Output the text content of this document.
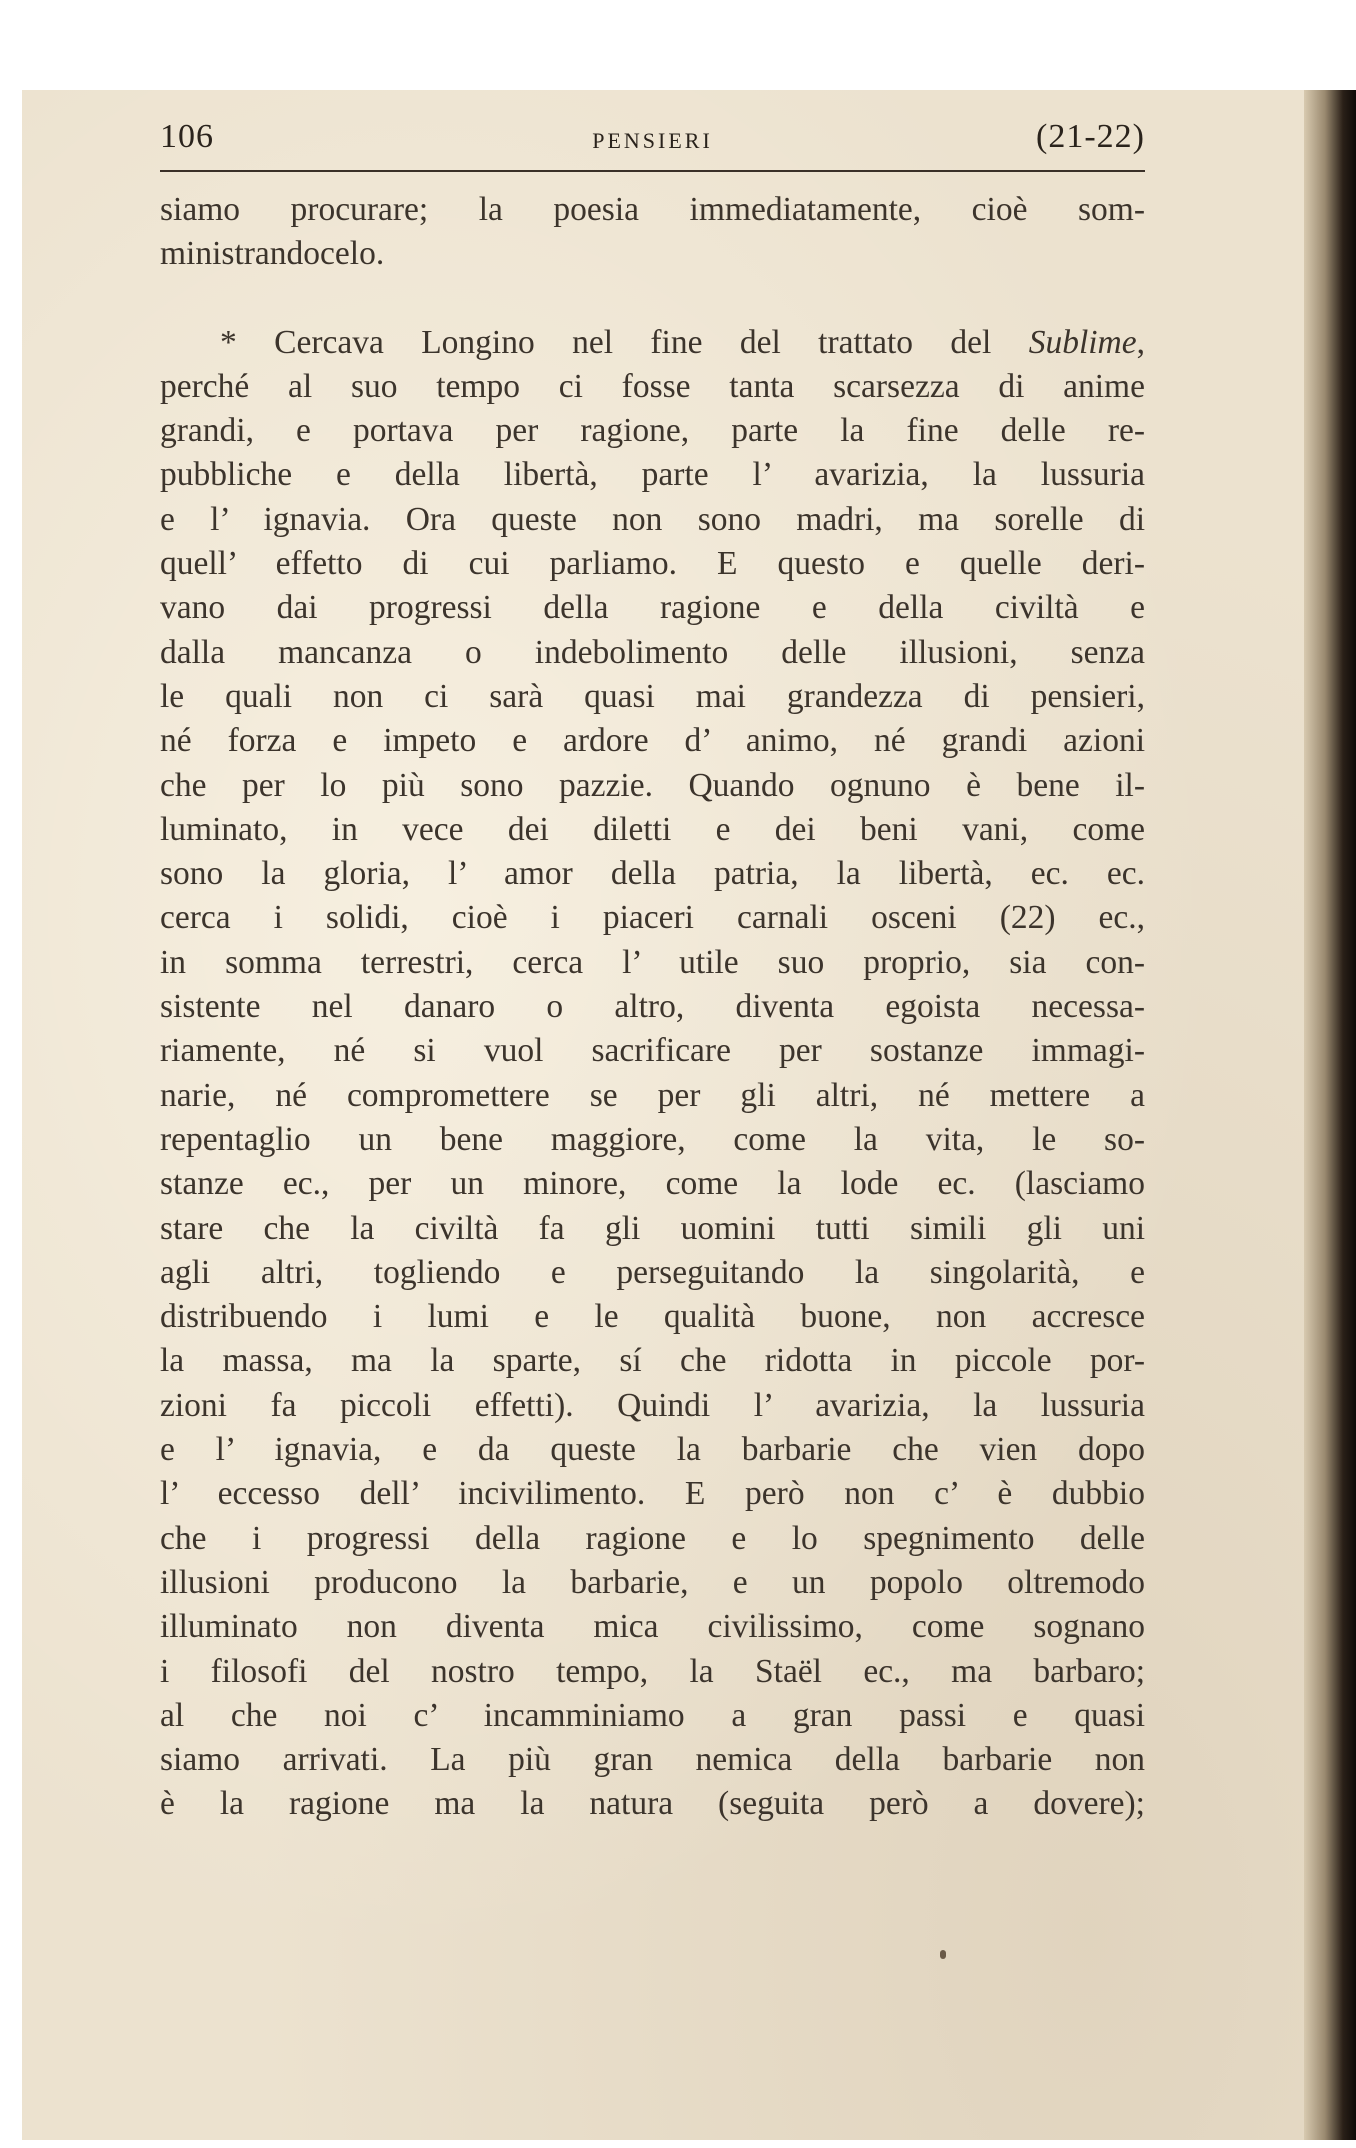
106	PENSIERI	(21-22)
siamo procurare; la poesia immediatamente, cioè som-
ministrandocelo.
* Cercava Longino nel fine del trattato del Sublime,
perché al suo tempo ci fosse tanta scarsezza di anime
grandi, e portava per ragione, parte la fine delle re-
pubbliche e della libertà, parte l’ avarizia, la lussuria
e l’ ignavia. Ora queste non sono madri, ma sorelle di
quell’ effetto di cui parliamo. E questo e quelle deri-
vano dai progressi della ragione e della civiltà e
dalla mancanza o indebolimento delle illusioni, senza
le quali non ci sarà quasi mai grandezza di pensieri,
né forza e impeto e ardore d’ animo, né grandi azioni
che per lo più sono pazzie. Quando ognuno è bene il-
luminato, in vece dei diletti e dei beni vani, come
sono la gloria, l’ amor della patria, la libertà, ec. ec.
cerca i solidi, cioè i piaceri carnali osceni (22) ec.,
in somma terrestri, cerca l’ utile suo proprio, sia con-
sistente nel danaro o altro, diventa egoista necessa-
riamente, né si vuol sacrificare per sostanze immagi-
narie, né compromettere se per gli altri, né mettere a
repentaglio un bene maggiore, come la vita, le so-
stanze ec., per un minore, come la lode ec. (lasciamo
stare che la civiltà fa gli uomini tutti simili gli uni
agli altri, togliendo e perseguitando la singolarità, e
distribuendo i lumi e le qualità buone, non accresce
la massa, ma la sparte, sí che ridotta in piccole por-
zioni fa piccoli effetti). Quindi l’ avarizia, la lussuria
e l’ ignavia, e da queste la barbarie che vien dopo
l’ eccesso dell’ incivilimento. E però non c’ è dubbio
che i progressi della ragione e lo spegnimento delle
illusioni producono la barbarie, e un popolo oltremodo
illuminato non diventa mica civilissimo, come sognano
i filosofi del nostro tempo, la Staël ec., ma barbaro;
al che noi c’ incamminiamo a gran passi e quasi
siamo arrivati. La più gran nemica della barbarie non
è la ragione ma la natura (seguita però a dovere);
